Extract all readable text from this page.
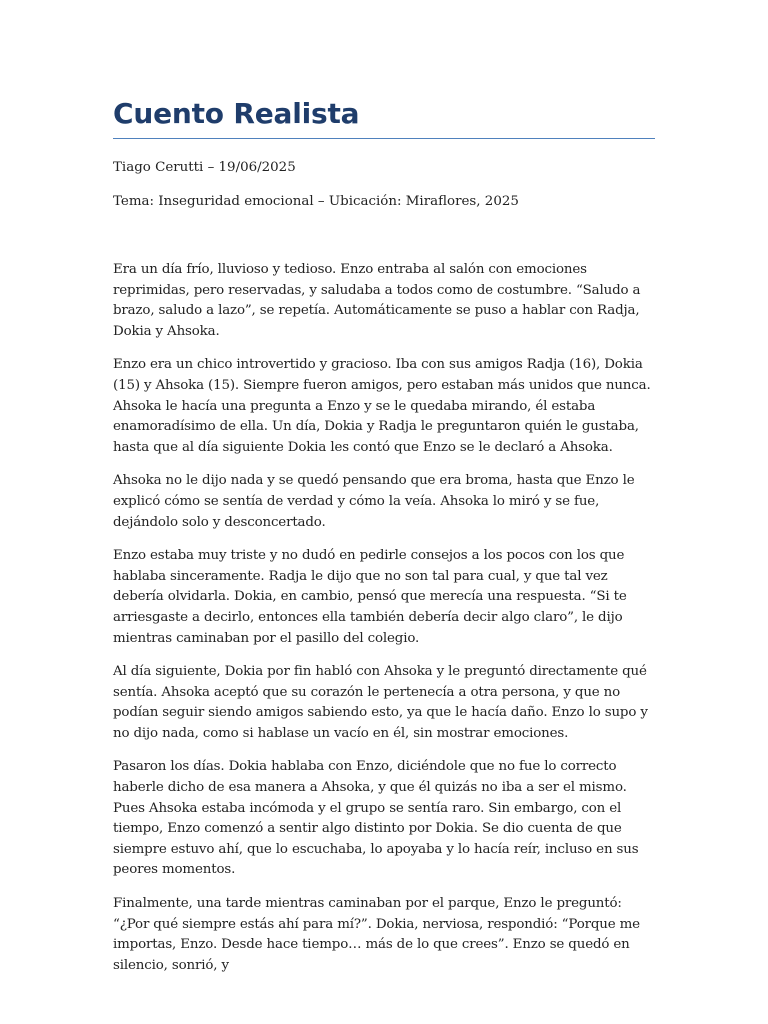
Cuento Realista

Tiago Cerutti – 19/06/2025

Tema: Inseguridad emocional – Ubicación: Miraflores, 2025

Era un día frío, lluvioso y tedioso. Enzo entraba al salón con emociones reprimidas, pero reservadas, y saludaba a todos como de costumbre. “Saludo a brazo, saludo a lazo”, se repetía. Automáticamente se puso a hablar con Radja, Dokia y Ahsoka.

Enzo era un chico introvertido y gracioso. Iba con sus amigos Radja (16), Dokia (15) y Ahsoka (15). Siempre fueron amigos, pero estaban más unidos que nunca. Ahsoka le hacía una pregunta a Enzo y se le quedaba mirando, él estaba enamoradísimo de ella. Un día, Dokia y Radja le preguntaron quién le gustaba, hasta que al día siguiente Dokia les contó que Enzo se le declaró a Ahsoka.

Ahsoka no le dijo nada y se quedó pensando que era broma, hasta que Enzo le explicó cómo se sentía de verdad y cómo la veía. Ahsoka lo miró y se fue, dejándolo solo y desconcertado.

Enzo estaba muy triste y no dudó en pedirle consejos a los pocos con los que hablaba sinceramente. Radja le dijo que no son tal para cual, y que tal vez debería olvidarla. Dokia, en cambio, pensó que merecía una respuesta. “Si te arriesgaste a decirlo, entonces ella también debería decir algo claro”, le dijo mientras caminaban por el pasillo del colegio.

Al día siguiente, Dokia por fin habló con Ahsoka y le preguntó directamente qué sentía. Ahsoka aceptó que su corazón le pertenecía a otra persona, y que no podían seguir siendo amigos sabiendo esto, ya que le hacía daño. Enzo lo supo y no dijo nada, como si hablase un vacío en él, sin mostrar emociones.

Pasaron los días. Dokia hablaba con Enzo, diciéndole que no fue lo correcto haberle dicho de esa manera a Ahsoka, y que él quizás no iba a ser el mismo. Pues Ahsoka estaba incómoda y el grupo se sentía raro. Sin embargo, con el tiempo, Enzo comenzó a sentir algo distinto por Dokia. Se dio cuenta de que siempre estuvo ahí, que lo escuchaba, lo apoyaba y lo hacía reír, incluso en sus peores momentos.

Finalmente, una tarde mientras caminaban por el parque, Enzo le preguntó: “¿Por qué siempre estás ahí para mí?”. Dokia, nerviosa, respondió: “Porque me importas, Enzo. Desde hace tiempo… más de lo que crees”. Enzo se quedó en silencio, sonrió, y
